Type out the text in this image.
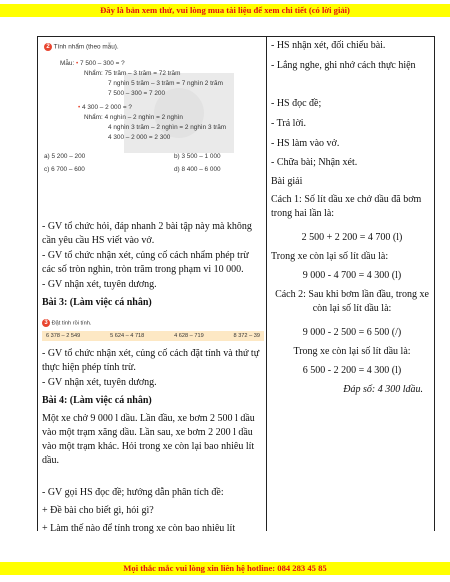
Đây là bản xem thử, vui lòng mua tài liệu để xem chi tiết (có lời giải)
2 Tính nhẩm (theo mẫu).
Mẫu: • 7 500 – 300 = ?
Nhẩm: 75 trăm – 3 trăm = 72 trăm
7 nghìn 5 trăm – 3 trăm = 7 nghìn 2 trăm
7 500 – 300 = 7 200
• 4 300 – 2 000 = ?
Nhẩm: 4 nghìn – 2 nghìn = 2 nghìn
4 nghìn 3 trăm – 2 nghìn = 2 nghìn 3 trăm
4 300 – 2 000 = 2 300
a) 5 200 – 200	b) 3 500 – 1 000
c) 6 700 – 600	d) 8 400 – 6 000
- GV tổ chức hỏi, đáp nhanh 2 bài tập này mà không cần yêu cầu HS viết vào vở.
- GV tổ chức nhận xét, củng cố cách nhẩm phép trừ các số tròn nghìn, tròn trăm trong phạm vi 10 000.
- GV nhận xét, tuyên dương.
Bài 3: (Làm việc cá nhân)
3 Đặt tính rồi tính.
6 378 – 2 549	5 624 – 4 718	4 628 – 719	8 372 – 39
- GV tổ chức nhận xét, củng cố cách đặt tính và thứ tự thực hiện phép tính trừ.
- GV nhận xét, tuyên dương.
Bài 4: (Làm việc cá nhân)
Một xe chở 9 000 l dầu. Lần đầu, xe bơm 2 500 l dầu vào một trạm xăng dầu. Lần sau, xe bơm 2 200 l dầu vào một trạm khác. Hỏi trong xe còn lại bao nhiêu lít dầu.
- GV gọi HS đọc đề; hướng dẫn phân tích đề:
+ Đề bài cho biết gì, hỏi gì?
+ Làm thế nào để tính trong xe còn bao nhiêu lít
- HS nhận xét, đối chiếu bài.
- Lắng nghe, ghi nhớ cách thực hiện
- HS đọc đề;
- Trả lời.
- HS làm vào vở.
- Chữa bài; Nhận xét.
Bài giải
Cách 1: Số lít dầu xe chở dầu đã bơm trong hai lần là:
2 500 + 2 200 = 4 700 (l)
Trong xe còn lại số lít dầu là:
9 000 - 4 700 = 4 300 (l)
Cách 2: Sau khi bơm lần đầu, trong xe còn lại số lít dầu là:
9 000 - 2 500 = 6 500 (/)
Trong xe còn lại số lít dầu là:
6 500 - 2 200 = 4 300 (l)
Đáp số: 4 300 ldầu.
Mọi thắc mắc vui lòng xin liên hệ hotline: 084 283 45 85
